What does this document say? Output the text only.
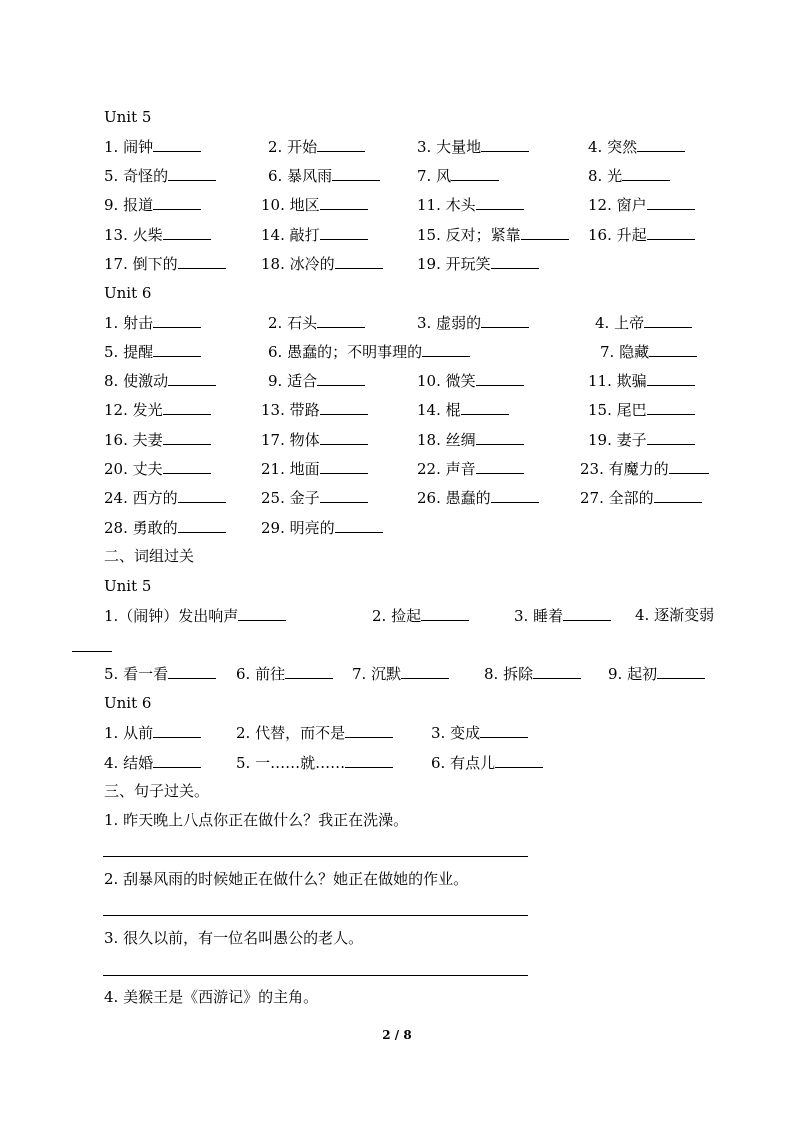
Unit 5
1. 闹钟	2. 开始	3. 大量地	4. 突然
5. 奇怪的	6. 暴风雨	7. 风	8. 光
9. 报道	10. 地区	11. 木头	12. 窗户
13. 火柴	14. 敲打	15. 反对；紧靠	16. 升起
17. 倒下的	18. 冰冷的	19. 开玩笑
Unit 6
1. 射击	2. 石头	3. 虚弱的	4. 上帝
5. 提醒	6. 愚蠢的；不明事理的	7. 隐藏
8. 使激动	9. 适合	10. 微笑	11. 欺骗
12. 发光	13. 带路	14. 棍	15. 尾巴
16. 夫妻	17. 物体	18. 丝绸	19. 妻子
20. 丈夫	21. 地面	22. 声音	23. 有魔力的
24. 西方的	25. 金子	26. 愚蠢的	27. 全部的
28. 勇敢的	29. 明亮的
二、词组过关
Unit 5
1.（闹钟）发出响声	2. 捡起	3. 睡着	4. 逐渐变弱
5. 看一看	6. 前往	7. 沉默	8. 拆除	9. 起初
Unit 6
1. 从前	2. 代替，而不是	3. 变成
4. 结婚	5. 一……就……	6. 有点儿
三、句子过关。
1. 昨天晚上八点你正在做什么？我正在洗澡。
2. 刮暴风雨的时候她正在做什么？她正在做她的作业。
3. 很久以前，有一位名叫愚公的老人。
4. 美猴王是《西游记》的主角。
2 / 8
